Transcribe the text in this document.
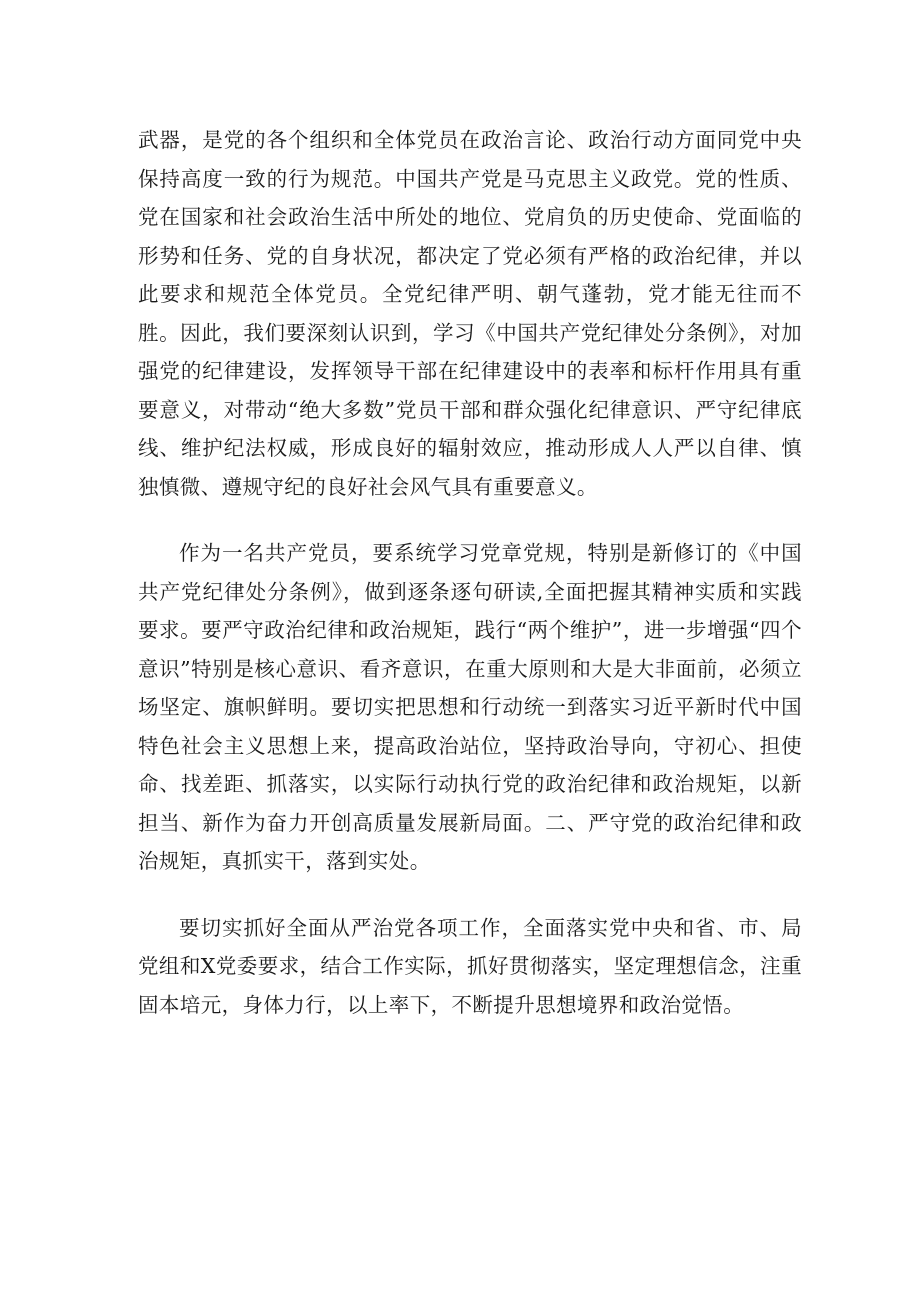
武器，是党的各个组织和全体党员在政治言论、政治行动方面同党中央保持高度一致的行为规范。中国共产党是马克思主义政党。党的性质、党在国家和社会政治生活中所处的地位、党肩负的历史使命、党面临的形势和任务、党的自身状况，都决定了党必须有严格的政治纪律，并以此要求和规范全体党员。全党纪律严明、朝气蓬勃，党才能无往而不胜。因此，我们要深刻认识到，学习《中国共产党纪律处分条例》，对加强党的纪律建设，发挥领导干部在纪律建设中的表率和标杆作用具有重要意义，对带动“绝大多数”党员干部和群众强化纪律意识、严守纪律底线、维护纪法权威，形成良好的辐射效应，推动形成人人严以自律、慎独慎微、遵规守纪的良好社会风气具有重要意义。

作为一名共产党员，要系统学习党章党规，特别是新修订的《中国共产党纪律处分条例》，做到逐条逐句研读,全面把握其精神实质和实践要求。要严守政治纪律和政治规矩，践行“两个维护”，进一步增强“四个意识”特别是核心意识、看齐意识，在重大原则和大是大非面前，必须立场坚定、旗帜鲜明。要切实把思想和行动统一到落实习近平新时代中国特色社会主义思想上来，提高政治站位，坚持政治导向，守初心、担使命、找差距、抓落实，以实际行动执行党的政治纪律和政治规矩，以新担当、新作为奋力开创高质量发展新局面。二、严守党的政治纪律和政治规矩，真抓实干，落到实处。

要切实抓好全面从严治党各项工作，全面落实党中央和省、市、局党组和X党委要求，结合工作实际，抓好贯彻落实，坚定理想信念，注重固本培元，身体力行，以上率下，不断提升思想境界和政治觉悟。
